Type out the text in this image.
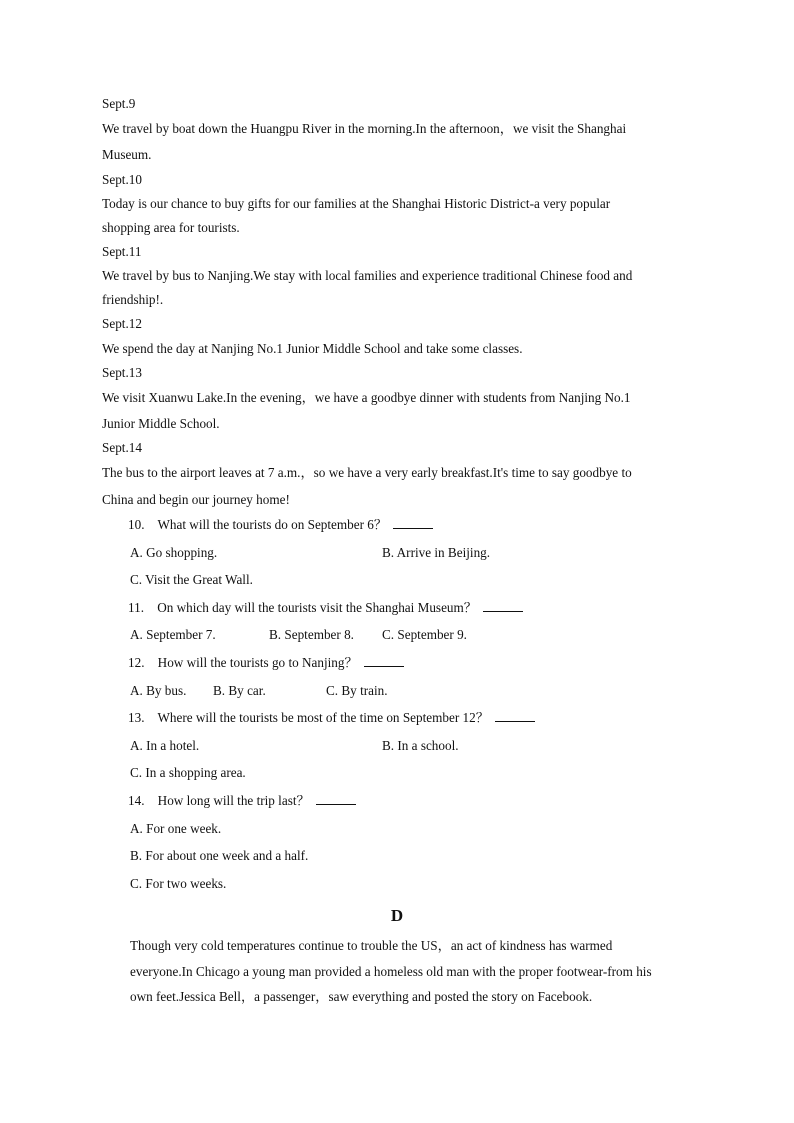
Sept.9
We travel by boat down the Huangpu River in the morning.In the afternoon，we visit the Shanghai
Museum.
Sept.10
Today is our chance to buy gifts for our families at the Shanghai Historic District-a very popular
shopping area for tourists.
Sept.11
We travel by bus to Nanjing.We stay with local families and experience traditional Chinese food and
friendship!.
Sept.12
We spend the day at Nanjing No.1 Junior Middle School and take some classes.
Sept.13
We visit Xuanwu Lake.In the evening，we have a goodbye dinner with students from Nanjing No.1
Junior Middle School.
Sept.14
The bus to the airport leaves at 7 a.m.，so we have a very early breakfast.It's time to say goodbye to
China and begin our journey home!
10. What will the tourists do on September 6？
A. Go shopping.	B. Arrive in Beijing.
C. Visit the Great Wall.
11. On which day will the tourists visit the Shanghai Museum？
A. September 7.	B. September 8. C. September 9.
12. How will the tourists go to Nanjing？
A. By bus. B. By car.	C. By train.
13. Where will the tourists be most of the time on September 12？
A. In a hotel.	B. In a school.
C. In a shopping area.
14. How long will the trip last？
A. For one week.
B. For about one week and a half.
C. For two weeks.
D
Though very cold temperatures continue to trouble the US，an act of kindness has warmed
everyone.In Chicago a young man provided a homeless old man with the proper footwear-from his
own feet.Jessica Bell，a passenger，saw everything and posted the story on Facebook.
